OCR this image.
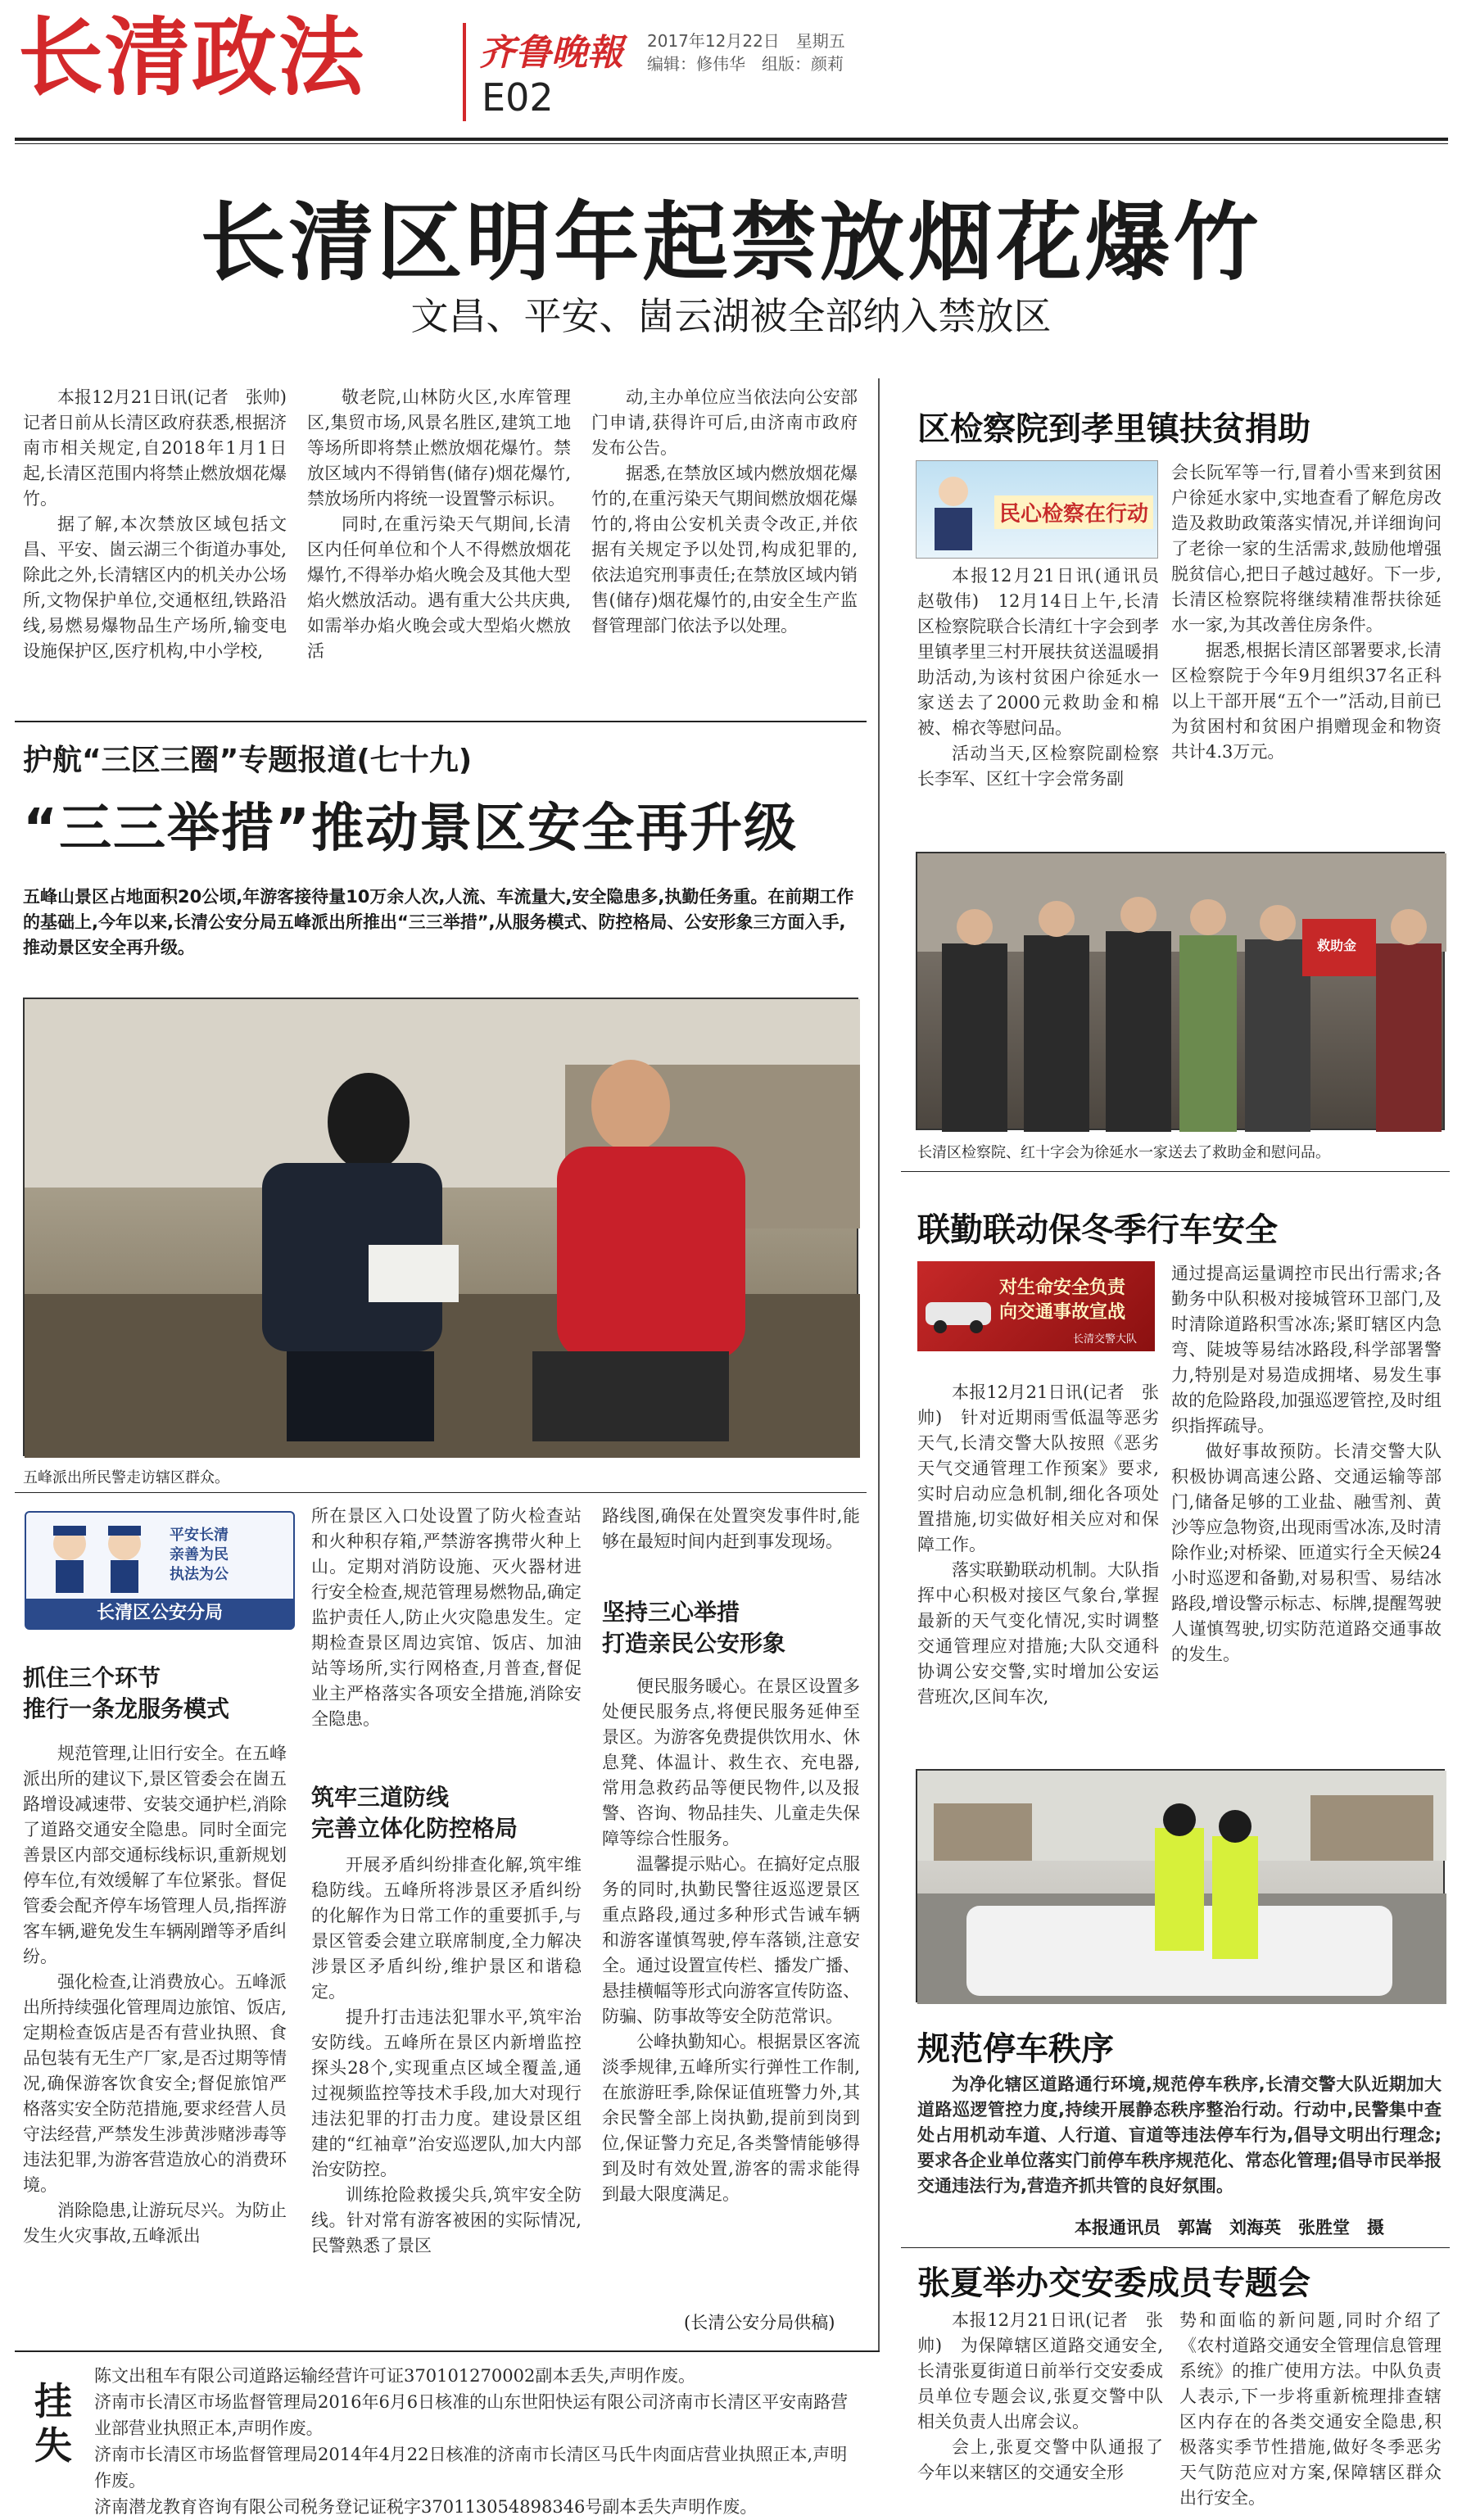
长清政法	齐鲁晚報 2017年12月22日　星期五
编辑：修伟华　组版：颜莉
E02
长清区明年起禁放烟花爆竹
文昌、平安、崮云湖被全部纳入禁放区

本报12月21日讯(记者　张帅)　记者日前从长清区政府获悉,根据济南市相关规定,自2018年1月1日起,长清区范围内将禁止燃放烟花爆竹。

据了解,本次禁放区域包括文昌、平安、崮云湖三个街道办事处,除此之外,长清辖区内的机关办公场所,文物保护单位,交通枢纽,铁路沿线,易燃易爆物品生产场所,输变电设施保护区,医疗机构,中小学校,

敬老院,山林防火区,水库管理区,集贸市场,风景名胜区,建筑工地等场所即将禁止燃放烟花爆竹。禁放区域内不得销售(储存)烟花爆竹,禁放场所内将统一设置警示标识。

同时,在重污染天气期间,长清区内任何单位和个人不得燃放烟花爆竹,不得举办焰火晚会及其他大型焰火燃放活动。遇有重大公共庆典,如需举办焰火晚会或大型焰火燃放活

动,主办单位应当依法向公安部门申请,获得许可后,由济南市政府发布公告。

据悉,在禁放区域内燃放烟花爆竹的,在重污染天气期间燃放烟花爆竹的,将由公安机关责令改正,并依据有关规定予以处罚,构成犯罪的,依法追究刑事责任;在禁放区域内销售(储存)烟花爆竹的,由安全生产监督管理部门依法予以处理。

护航“三区三圈”专题报道(七十九)
“三三举措”推动景区安全再升级
五峰山景区占地面积20公顷,年游客接待量10万余人次,人流、车流量大,安全隐患多,执勤任务重。在前期工作的基础上,今年以来,长清公安分局五峰派出所推出“三三举措”,从服务模式、防控格局、公安形象三方面入手,推动景区安全再升级。
五峰派出所民警走访辖区群众。
平安长清
亲善为民
执法为公
长清区公安分局
抓住三个环节
推行一条龙服务模式

规范管理,让旧行安全。在五峰派出所的建议下,景区管委会在崮五路增设减速带、安装交通护栏,消除了道路交通安全隐患。同时全面完善景区内部交通标线标识,重新规划停车位,有效缓解了车位紧张。督促管委会配齐停车场管理人员,指挥游客车辆,避免发生车辆剐蹭等矛盾纠纷。

强化检查,让消费放心。五峰派出所持续强化管理周边旅馆、饭店,定期检查饭店是否有营业执照、食品包装有无生产厂家,是否过期等情况,确保游客饮食安全;督促旅馆严格落实安全防范措施,要求经营人员守法经营,严禁发生涉黄涉赌涉毒等违法犯罪,为游客营造放心的消费环境。

消除隐患,让游玩尽兴。为防止发生火灾事故,五峰派出

所在景区入口处设置了防火检查站和火种积存箱,严禁游客携带火种上山。定期对消防设施、灭火器材进行安全检查,规范管理易燃物品,确定监护责任人,防止火灾隐患发生。定期检查景区周边宾馆、饭店、加油站等场所,实行网格查,月普查,督促业主严格落实各项安全措施,消除安全隐患。

筑牢三道防线
完善立体化防控格局

开展矛盾纠纷排查化解,筑牢维稳防线。五峰所将涉景区矛盾纠纷的化解作为日常工作的重要抓手,与景区管委会建立联席制度,全力解决涉景区矛盾纠纷,维护景区和谐稳定。

提升打击违法犯罪水平,筑牢治安防线。五峰所在景区内新增监控探头28个,实现重点区域全覆盖,通过视频监控等技术手段,加大对现行违法犯罪的打击力度。建设景区组建的“红袖章”治安巡逻队,加大内部治安防控。

训练抢险救援尖兵,筑牢安全防线。针对常有游客被困的实际情况,民警熟悉了景区

路线图,确保在处置突发事件时,能够在最短时间内赶到事发现场。

坚持三心举措
打造亲民公安形象

便民服务暖心。在景区设置多处便民服务点,将便民服务延伸至景区。为游客免费提供饮用水、休息凳、体温计、救生衣、充电器,常用急救药品等便民物件,以及报警、咨询、物品挂失、儿童走失保障等综合性服务。

温馨提示贴心。在搞好定点服务的同时,执勤民警往返巡逻景区重点路段,通过多种形式告诫车辆和游客谨慎驾驶,停车落锁,注意安全。通过设置宣传栏、播发广播、悬挂横幅等形式向游客宣传防盗、防骗、防事故等安全防范常识。

公峰执勤知心。根据景区客流淡季规律,五峰所实行弹性工作制,在旅游旺季,除保证值班警力外,其余民警全部上岗执勤,提前到岗到位,保证警力充足,各类警情能够得到及时有效处置,游客的需求能得到最大限度满足。

(长清公安分局供稿)
区检察院到孝里镇扶贫捐助
民心检察在行动

本报12月21日讯(通讯员　赵敬伟)　12月14日上午,长清区检察院联合长清红十字会到孝里镇孝里三村开展扶贫送温暖捐助活动,为该村贫困户徐延水一家送去了2000元救助金和棉被、棉衣等慰问品。

活动当天,区检察院副检察长李军、区红十字会常务副

会长阮军等一行,冒着小雪来到贫困户徐延水家中,实地查看了解危房改造及救助政策落实情况,并详细询问了老徐一家的生活需求,鼓励他增强脱贫信心,把日子越过越好。下一步,长清区检察院将继续精准帮扶徐延水一家,为其改善住房条件。

据悉,根据长清区部署要求,长清区检察院于今年9月组织37名正科以上干部开展“五个一”活动,目前已为贫困村和贫困户捐赠现金和物资共计4.3万元。

救助金
长清区检察院、红十字会为徐延水一家送去了救助金和慰问品。
联勤联动保冬季行车安全
对生命安全负责
向交通事故宣战
长清交警大队

本报12月21日讯(记者　张帅)　针对近期雨雪低温等恶劣天气,长清交警大队按照《恶劣天气交通管理工作预案》要求,实时启动应急机制,细化各项处置措施,切实做好相关应对和保障工作。

落实联勤联动机制。大队指挥中心积极对接区气象台,掌握最新的天气变化情况,实时调整交通管理应对措施;大队交通科协调公安交警,实时增加公安运营班次,区间车次,

通过提高运量调控市民出行需求;各勤务中队积极对接城管环卫部门,及时清除道路积雪冰冻;紧盯辖区内急弯、陡坡等易结冰路段,科学部署警力,特别是对易造成拥堵、易发生事故的危险路段,加强巡逻管控,及时组织指挥疏导。

做好事故预防。长清交警大队积极协调高速公路、交通运输等部门,储备足够的工业盐、融雪剂、黄沙等应急物资,出现雨雪冰冻,及时清除作业;对桥梁、匝道实行全天候24小时巡逻和备勤,对易积雪、易结冰路段,增设警示标志、标牌,提醒驾驶人谨慎驾驶,切实防范道路交通事故的发生。

规范停车秩序

为净化辖区道路通行环境,规范停车秩序,长清交警大队近期加大道路巡逻管控力度,持续开展静态秩序整治行动。行动中,民警集中查处占用机动车道、人行道、盲道等违法停车行为,倡导文明出行理念;要求各企业单位落实门前停车秩序规范化、常态化管理;倡导市民举报交通违法行为,营造齐抓共管的良好氛围。

本报通讯员　郭嵩　刘海英　张胜堂　摄
张夏举办交安委成员专题会

本报12月21日讯(记者　张帅)　为保障辖区道路交通安全,长清张夏街道日前举行交安委成员单位专题会议,张夏交警中队相关负责人出席会议。

会上,张夏交警中队通报了今年以来辖区的交通安全形

势和面临的新问题,同时介绍了《农村道路交通安全管理信息管理系统》的推广使用方法。中队负责人表示,下一步将重新梳理排查辖区内存在的各类交通安全隐患,积极落实季节性措施,做好冬季恶劣天气防范应对方案,保障辖区群众出行安全。

挂失
陈文出租车有限公司道路运输经营许可证370101270002副本丢失,声明作废。
济南市长清区市场监督管理局2016年6月6日核准的山东世阳快运有限公司济南市长清区平安南路营业部营业执照正本,声明作废。
济南市长清区市场监督管理局2014年4月22日核准的济南市长清区马氏牛肉面店营业执照正本,声明作废。
济南潜龙教育咨询有限公司税务登记证税字370113054898346号副本丢失声明作废。
